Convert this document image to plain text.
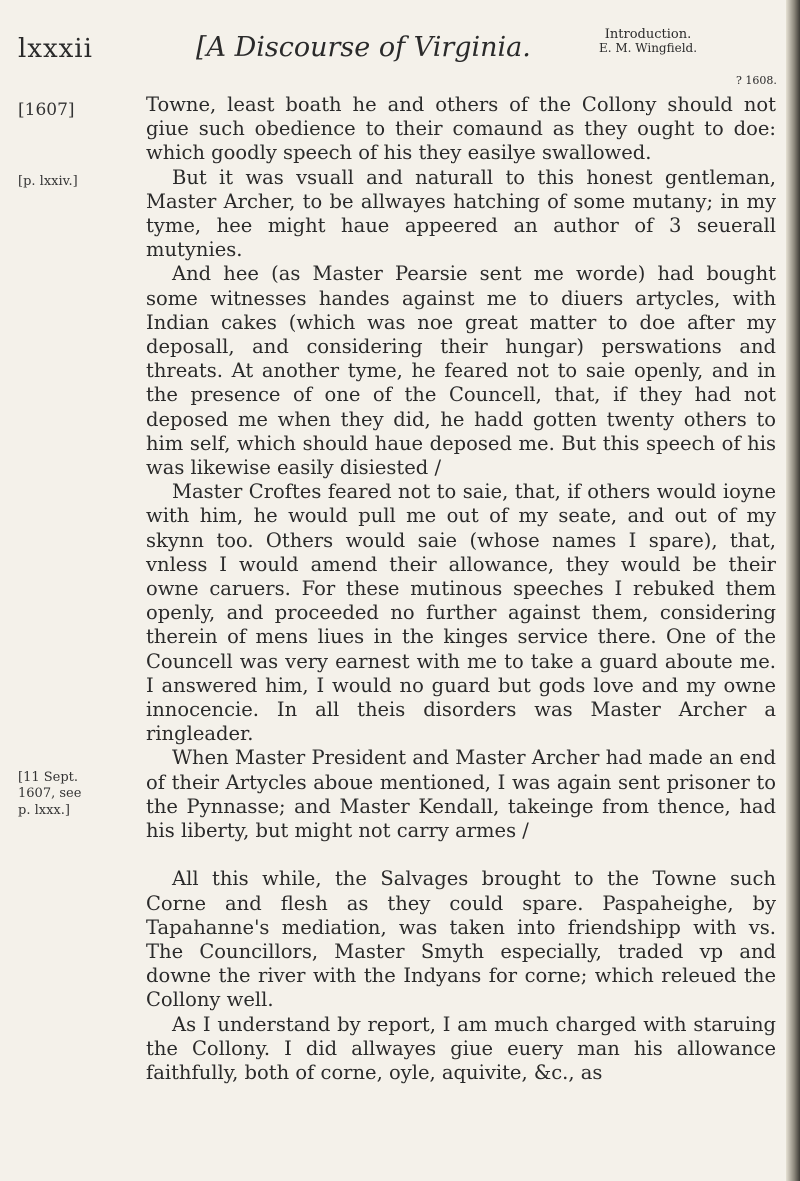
lxxxii	[A Discourse of Virginia.	Introduction.
E. M. Wingfield.
? 1608.
[1607]
[p. lxxiv.]
[11 Sept.
1607, see
p. lxxx.]

Towne, least boath he and others of the Collony should not giue such obedience to their comaund as they ought to doe: which goodly speech of his they easilye swallowed.

But it was vsuall and naturall to this honest gentleman, Master Archer, to be allwayes hatching of some mutany; in my tyme, hee might haue appeered an author of 3 seuerall mutynies.

And hee (as Master Pearsie sent me worde) had bought some witnesses handes against me to diuers artycles, with Indian cakes (which was noe great matter to doe after my deposall, and considering their hungar) perswations and threats. At another tyme, he feared not to saie openly, and in the presence of one of the Councell, that, if they had not deposed me when they did, he hadd gotten twenty others to him self, which should haue deposed me. But this speech of his was likewise easily disiested /

Master Croftes feared not to saie, that, if others would ioyne with him, he would pull me out of my seate, and out of my skynn too. Others would saie (whose names I spare), that, vnless I would amend their allowance, they would be their owne caruers. For these mutinous speeches I rebuked them openly, and proceeded no further against them, considering therein of mens liues in the kinges service there. One of the Councell was very earnest with me to take a guard aboute me. I answered him, I would no guard but gods love and my owne innocencie. In all theis disorders was Master Archer a ringleader.

When Master President and Master Archer had made an end of their Artycles aboue mentioned, I was again sent prisoner to the Pynnasse; and Master Kendall, takeinge from thence, had his liberty, but might not carry armes /

All this while, the Salvages brought to the Towne such Corne and flesh as they could spare. Paspaheighe, by Tapahanne's mediation, was taken into friendshipp with vs. The Councillors, Master Smyth especially, traded vp and downe the river with the Indyans for corne; which releued the Collony well.

As I understand by report, I am much charged with staruing the Collony. I did allwayes giue euery man his allowance faithfully, both of corne, oyle, aquivite, &c., as
